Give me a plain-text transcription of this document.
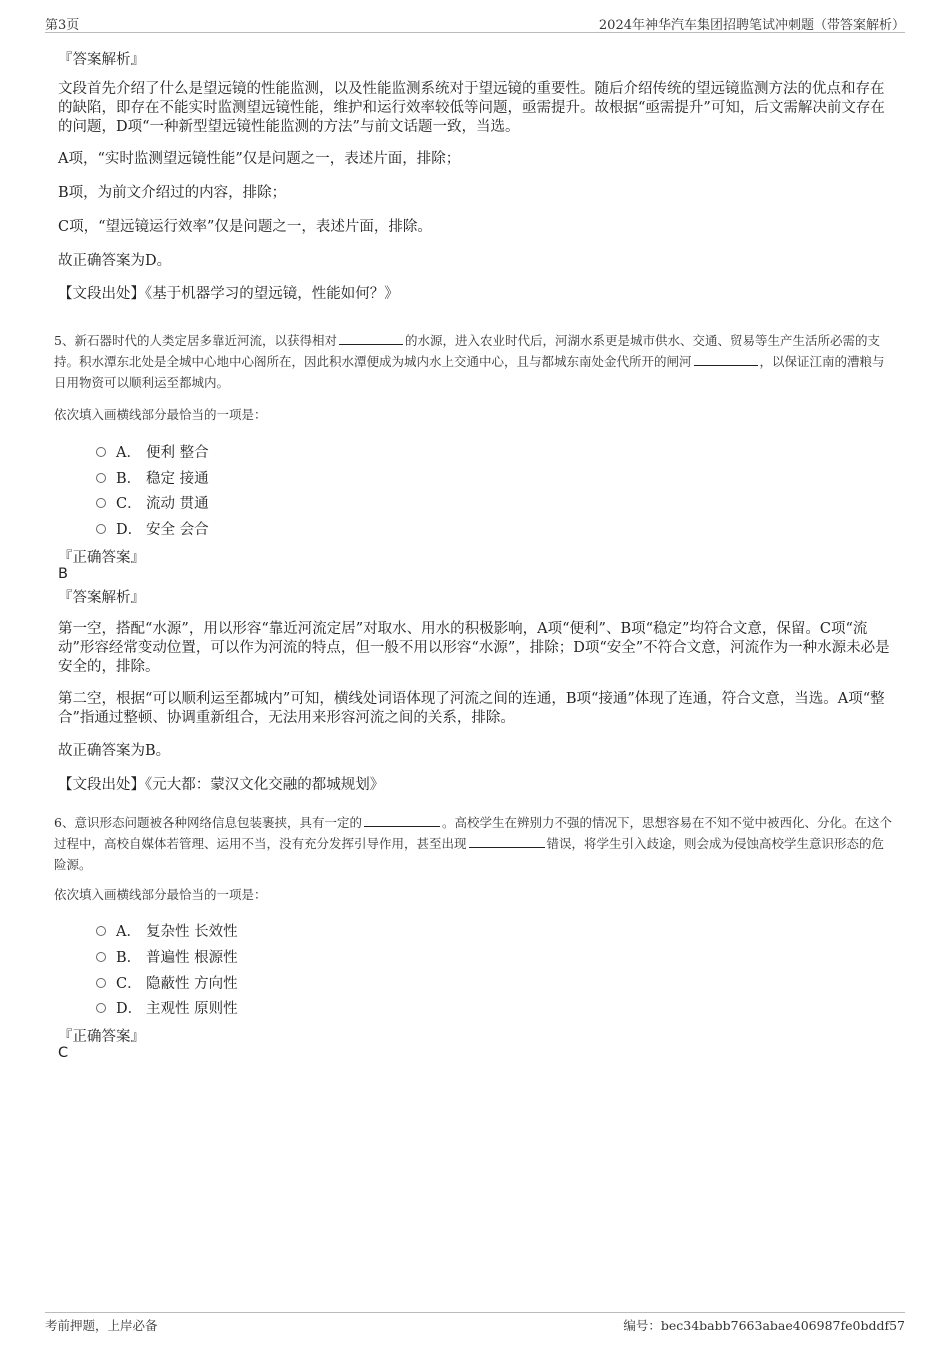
第3页	2024年神华汽车集团招聘笔试冲刺题（带答案解析）
『答案解析』

文段首先介绍了什么是望远镜的性能监测，以及性能监测系统对于望远镜的重要性。随后介绍传统的望远镜监测方法的优点和存在的缺陷，即存在不能实时监测望远镜性能，维护和运行效率较低等问题，亟需提升。故根据“亟需提升”可知，后文需解决前文存在的问题，D项“一种新型望远镜性能监测的方法”与前文话题一致，当选。

A项，“实时监测望远镜性能”仅是问题之一，表述片面，排除；

B项，为前文介绍过的内容，排除；

C项，“望远镜运行效率”仅是问题之一，表述片面，排除。

故正确答案为D。

【文段出处】《基于机器学习的望远镜，性能如何？》

5、新石器时代的人类定居多靠近河流，以获得相对	的水源，进入农业时代后，河湖水系更是城市供水、交通、贸易等生产生活所必需的支持。积水潭东北处是全城中心地中心阁所在，因此积水潭便成为城内水上交通中心，且与都城东南处金代所开的闸河	，以保证江南的漕粮与日用物资可以顺利运至都城内。

依次填入画横线部分最恰当的一项是：

A． 便利 整合
B． 稳定 接通
C． 流动 贯通
D． 安全 会合
『正确答案』
B
『答案解析』

第一空，搭配“水源”，用以形容“靠近河流定居”对取水、用水的积极影响，A项“便利”、B项“稳定”均符合文意，保留。C项“流动”形容经常变动位置，可以作为河流的特点，但一般不用以形容“水源”，排除；D项“安全”不符合文意，河流作为一种水源未必是安全的，排除。

第二空，根据“可以顺利运至都城内”可知，横线处词语体现了河流之间的连通，B项“接通”体现了连通，符合文意，当选。A项“整合”指通过整顿、协调重新组合，无法用来形容河流之间的关系，排除。

故正确答案为B。

【文段出处】《元大都：蒙汉文化交融的都城规划》

6、意识形态问题被各种网络信息包装裹挟，具有一定的	。高校学生在辨别力不强的情况下，思想容易在不知不觉中被西化、分化。在这个过程中，高校自媒体若管理、运用不当，没有充分发挥引导作用，甚至出现	错误，将学生引入歧途，则会成为侵蚀高校学生意识形态的危险源。

依次填入画横线部分最恰当的一项是：

A． 复杂性 长效性
B． 普遍性 根源性
C． 隐蔽性 方向性
D． 主观性 原则性
『正确答案』
C
考前押题，上岸必备	编号：bec34babb7663abae406987fe0bddf57
